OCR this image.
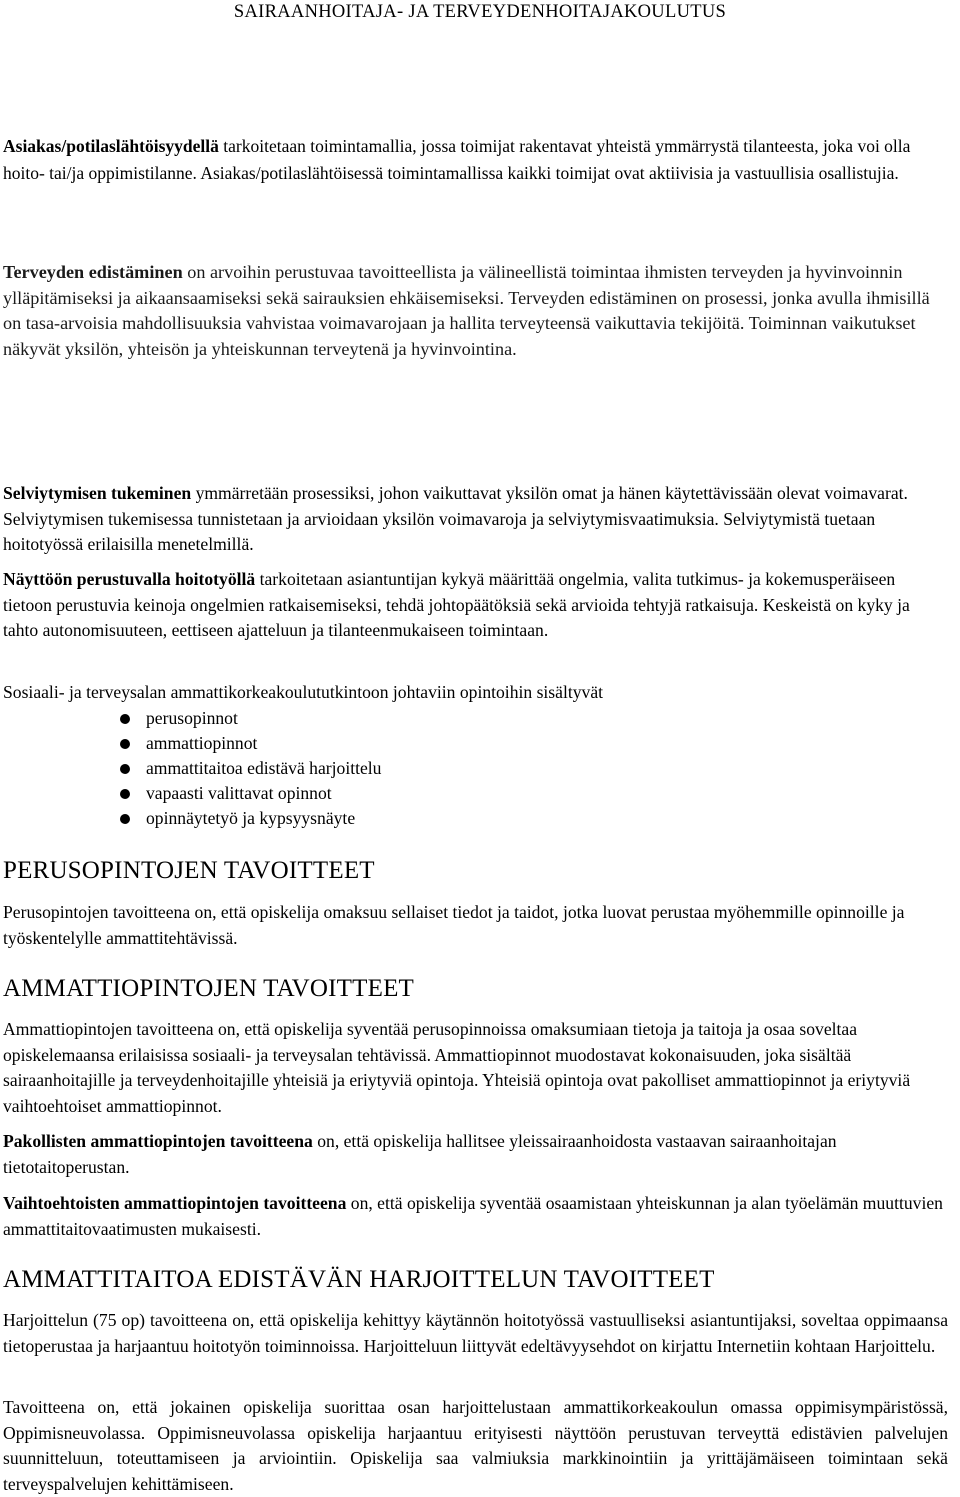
SAIRAANHOITAJA- JA TERVEYDENHOITAJAKOULUTUS

Asiakas/potilaslähtöisyydellä tarkoitetaan toimintamallia, jossa toimijat rakentavat yhteistä ymmärrystä tilanteesta, joka voi olla hoito- tai/ja oppimistilanne. Asiakas/potilaslähtöisessä toimintamallissa kaikki toimijat ovat aktiivisia ja vastuullisia osallistujia.

Terveyden edistäminen on arvoihin perustuvaa tavoitteellista ja välineellistä toimintaa ihmisten terveyden ja hyvinvoinnin ylläpitämiseksi ja aikaansaamiseksi sekä sairauksien ehkäisemiseksi. Terveyden edistäminen on prosessi, jonka avulla ihmisillä on tasa-arvoisia mahdollisuuksia vahvistaa voimavarojaan ja hallita terveyteensä vaikuttavia tekijöitä. Toiminnan vaikutukset näkyvät yksilön, yhteisön ja yhteiskunnan terveytenä ja hyvinvointina.

Selviytymisen tukeminen ymmärretään prosessiksi, johon vaikuttavat yksilön omat ja hänen käytettävissään olevat voimavarat. Selviytymisen tukemisessa tunnistetaan ja arvioidaan yksilön voimavaroja ja selviytymisvaatimuksia. Selviytymistä tuetaan hoitotyössä erilaisilla menetelmillä.

Näyttöön perustuvalla hoitotyöllä tarkoitetaan asiantuntijan kykyä määrittää ongelmia, valita tutkimus- ja kokemusperäiseen tietoon perustuvia keinoja ongelmien ratkaisemiseksi, tehdä johtopäätöksiä sekä arvioida tehtyjä ratkaisuja. Keskeistä on kyky ja tahto autonomisuuteen, eettiseen ajatteluun ja tilanteenmukaiseen toimintaan.

Sosiaali- ja terveysalan ammattikorkeakoulututkintoon johtaviin opintoihin sisältyvät

perusopinnot
ammattiopinnot
ammattitaitoa edistävä harjoittelu
vapaasti valittavat opinnot
opinnäytetyö ja kypsyysnäyte
PERUSOPINTOJEN TAVOITTEET

Perusopintojen tavoitteena on, että opiskelija omaksuu sellaiset tiedot ja taidot, jotka luovat perustaa myöhemmille opinnoille ja työskentelylle ammattitehtävissä.

AMMATTIOPINTOJEN TAVOITTEET

Ammattiopintojen tavoitteena on, että opiskelija syventää perusopinnoissa omaksumiaan tietoja ja taitoja ja osaa soveltaa opiskelemaansa erilaisissa sosiaali- ja terveysalan tehtävissä. Ammattiopinnot muodostavat kokonaisuuden, joka sisältää sairaanhoitajille ja terveydenhoitajille yhteisiä ja eriytyviä opintoja. Yhteisiä opintoja ovat pakolliset ammattiopinnot ja eriytyviä vaihtoehtoiset ammattiopinnot.

Pakollisten ammattiopintojen tavoitteena on, että opiskelija hallitsee yleissairaanhoidosta vastaavan sairaanhoitajan tietotaitoperustan.

Vaihtoehtoisten ammattiopintojen tavoitteena on, että opiskelija syventää osaamistaan yhteiskunnan ja alan työelämän muuttuvien ammattitaitovaatimusten mukaisesti.

AMMATTITAITOA EDISTÄVÄN HARJOITTELUN TAVOITTEET

Harjoittelun (75 op) tavoitteena on, että opiskelija kehittyy käytännön hoitotyössä vastuulliseksi asiantuntijaksi, soveltaa oppimaansa tietoperustaa ja harjaantuu hoitotyön toiminnoissa. Harjoitteluun liittyvät edeltävyysehdot on kirjattu Internetiin kohtaan Harjoittelu.

Tavoitteena on, että jokainen opiskelija suorittaa osan harjoittelustaan ammattikorkeakoulun omassa oppimisympäristössä, Oppimisneuvolassa. Oppimisneuvolassa opiskelija harjaantuu erityisesti näyttöön perustuvan terveyttä edistävien palvelujen suunnitteluun, toteuttamiseen ja arviointiin. Opiskelija saa valmiuksia markkinointiin ja yrittäjämäiseen toimintaan sekä terveyspalvelujen kehittämiseen.
